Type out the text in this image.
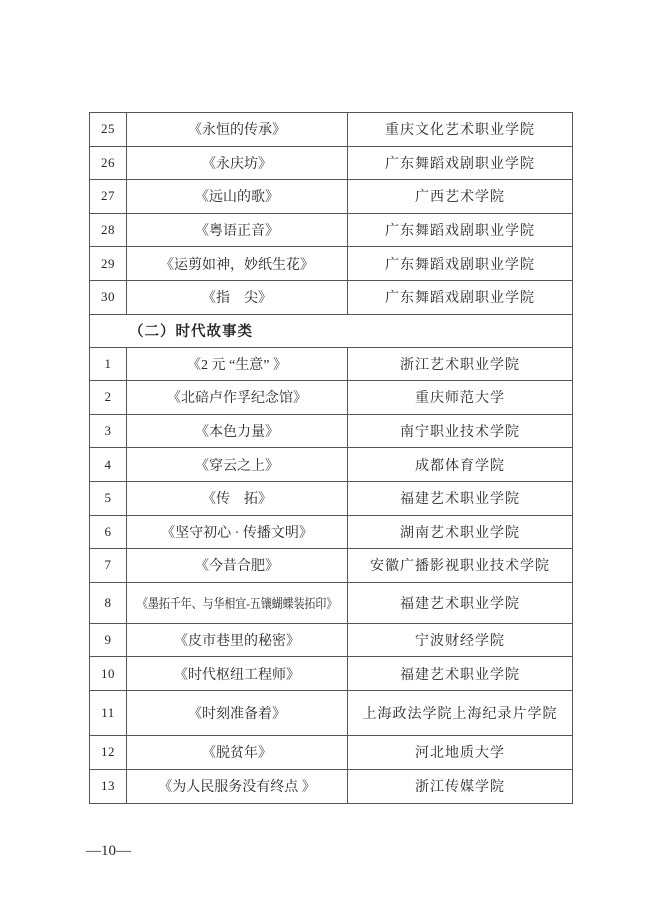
25	《永恒的传承》	重庆文化艺术职业学院
26	《永庆坊》	广东舞蹈戏剧职业学院
27	《远山的歌》	广西艺术学院
28	《粤语正音》	广东舞蹈戏剧职业学院
29	《运剪如神，妙纸生花》	广东舞蹈戏剧职业学院
30	《指　尖》	广东舞蹈戏剧职业学院
（二）时代故事类
1	《2 元 “生意” 》	浙江艺术职业学院
2	《北碚卢作孚纪念馆》	重庆师范大学
3	《本色力量》	南宁职业技术学院
4	《穿云之上》	成都体育学院
5	《传　拓》	福建艺术职业学院
6	《坚守初心 · 传播文明》	湖南艺术职业学院
7	《今昔合肥》	安徽广播影视职业技术学院
8	《墨拓千年、与华相宜-五镶蝴蝶装拓印》	福建艺术职业学院
9	《皮市巷里的秘密》	宁波财经学院
10	《时代枢纽工程师》	福建艺术职业学院
11	《时刻准备着》	上海政法学院上海纪录片学院
12	《脱贫年》	河北地质大学
13	《为人民服务没有终点 》	浙江传媒学院
—10—
